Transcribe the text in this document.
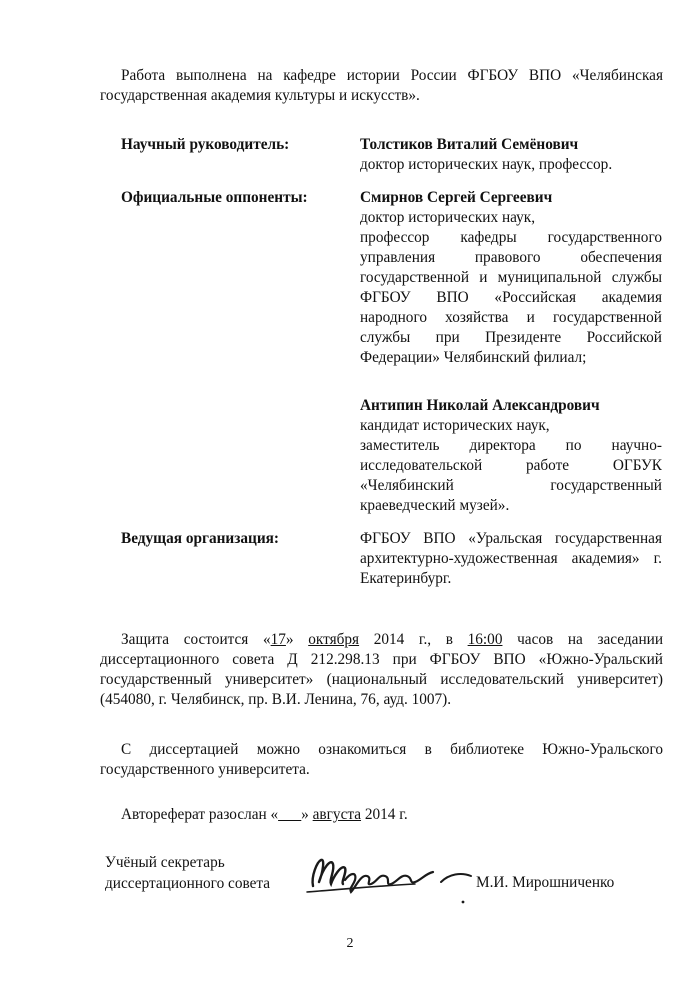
Работа выполнена на кафедре истории России ФГБОУ ВПО «Челябинская государственная академия культуры и искусств».

Научный руководитель:	Толстиков Виталий Семёнович
доктор исторических наук, профессор.
Официальные оппоненты:	Смирнов Сергей Сергеевич
доктор исторических наук,
профессор кафедры государственного управления правового обеспечения государственной и муниципальной службы ФГБОУ ВПО «Российская академия народного хозяйства и государственной службы при Президенте Российской Федерации» Челябинский филиал;
Антипин Николай Александрович
кандидат исторических наук,
заместитель директора по научно-исследовательской работе ОГБУК «Челябинский государственный краеведческий музей».
Ведущая организация:	ФГБОУ ВПО «Уральская государственная архитектурно-художественная академия» г. Екатеринбург.

Защита состоится «17» октября 2014 г., в 16:00 часов на заседании диссертационного совета Д 212.298.13 при ФГБОУ ВПО «Южно-Уральский государственный университет» (национальный исследовательский университет) (454080, г. Челябинск, пр. В.И. Ленина, 76, ауд. 1007).

С диссертацией можно ознакомиться в библиотеке Южно-Уральского государственного университета.

Автореферат разослан «___» августа 2014 г.

Учёный секретарь
диссертационного совета	М.И. Мирошниченко
2
